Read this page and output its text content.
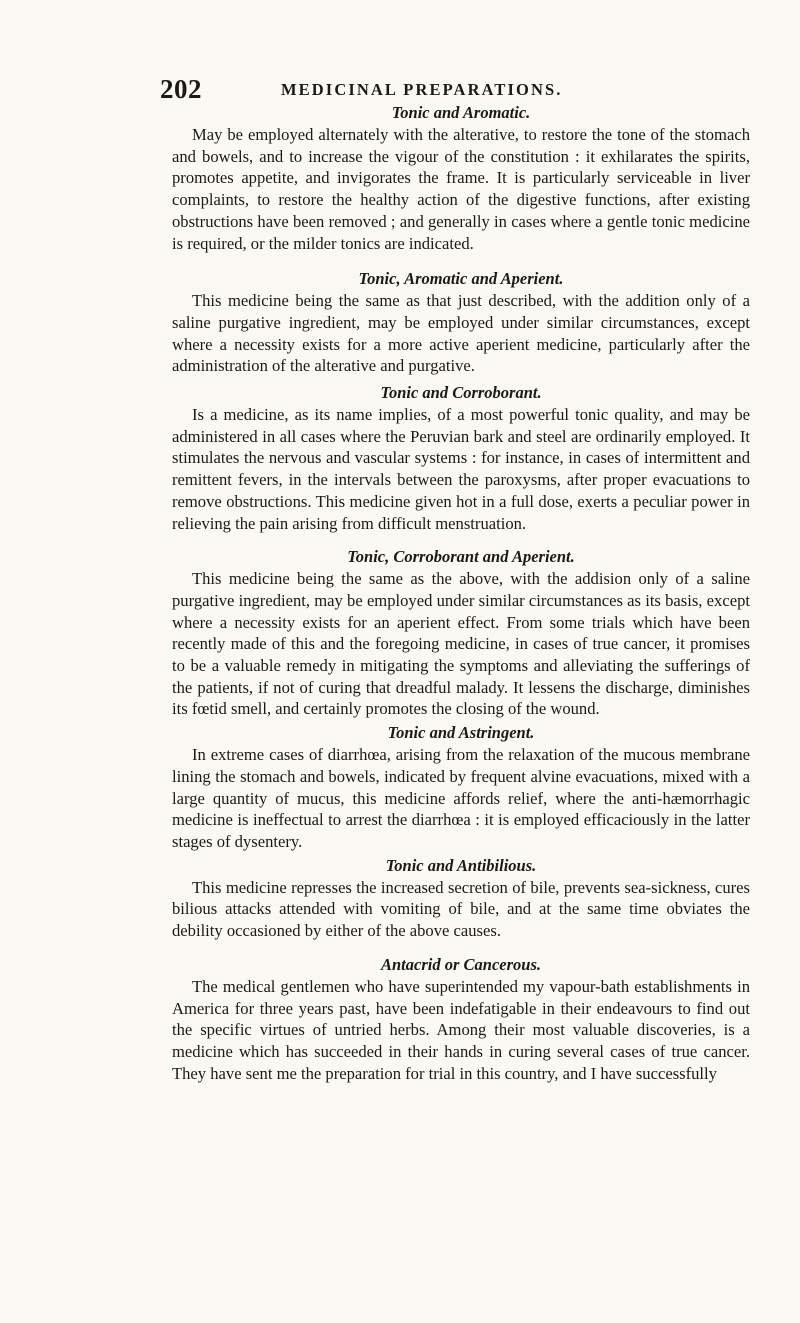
202	MEDICINAL PREPARATIONS.
Tonic and Aromatic.

May be employed alternately with the alterative, to restore the tone of the stomach and bowels, and to increase the vigour of the constitution : it exhilarates the spirits, promotes appetite, and invigorates the frame. It is particularly serviceable in liver complaints, to restore the healthy action of the digestive functions, after existing obstructions have been removed ; and generally in cases where a gentle tonic medicine is required, or the milder tonics are indicated.

Tonic, Aromatic and Aperient.

This medicine being the same as that just described, with the addition only of a saline purgative ingredient, may be employed under similar circumstances, except where a necessity exists for a more active aperient medicine, particularly after the administration of the alterative and purgative.

Tonic and Corroborant.

Is a medicine, as its name implies, of a most powerful tonic quality, and may be administered in all cases where the Peruvian bark and steel are ordinarily employed. It stimulates the nervous and vascular systems : for instance, in cases of intermittent and remittent fevers, in the intervals between the paroxysms, after proper evacuations to remove obstructions. This medicine given hot in a full dose, exerts a peculiar power in relieving the pain arising from difficult menstruation.

Tonic, Corroborant and Aperient.

This medicine being the same as the above, with the addision only of a saline purgative ingredient, may be employed under similar circumstances as its basis, except where a necessity exists for an aperient effect. From some trials which have been recently made of this and the foregoing medicine, in cases of true cancer, it promises to be a valuable remedy in mitigating the symptoms and alleviating the sufferings of the patients, if not of curing that dreadful malady. It lessens the discharge, diminishes its fœtid smell, and certainly promotes the closing of the wound.

Tonic and Astringent.

In extreme cases of diarrhœa, arising from the relaxation of the mucous membrane lining the stomach and bowels, indicated by frequent alvine evacuations, mixed with a large quantity of mucus, this medicine affords relief, where the anti-hæmorrhagic medicine is ineffectual to arrest the diarrhœa : it is employed efficaciously in the latter stages of dysentery.

Tonic and Antibilious.

This medicine represses the increased secretion of bile, prevents sea-sickness, cures bilious attacks attended with vomiting of bile, and at the same time obviates the debility occasioned by either of the above causes.

Antacrid or Cancerous.

The medical gentlemen who have superintended my vapour-bath establishments in America for three years past, have been indefatigable in their endeavours to find out the specific virtues of untried herbs. Among their most valuable discoveries, is a medicine which has succeeded in their hands in curing several cases of true cancer. They have sent me the preparation for trial in this country, and I have successfully
